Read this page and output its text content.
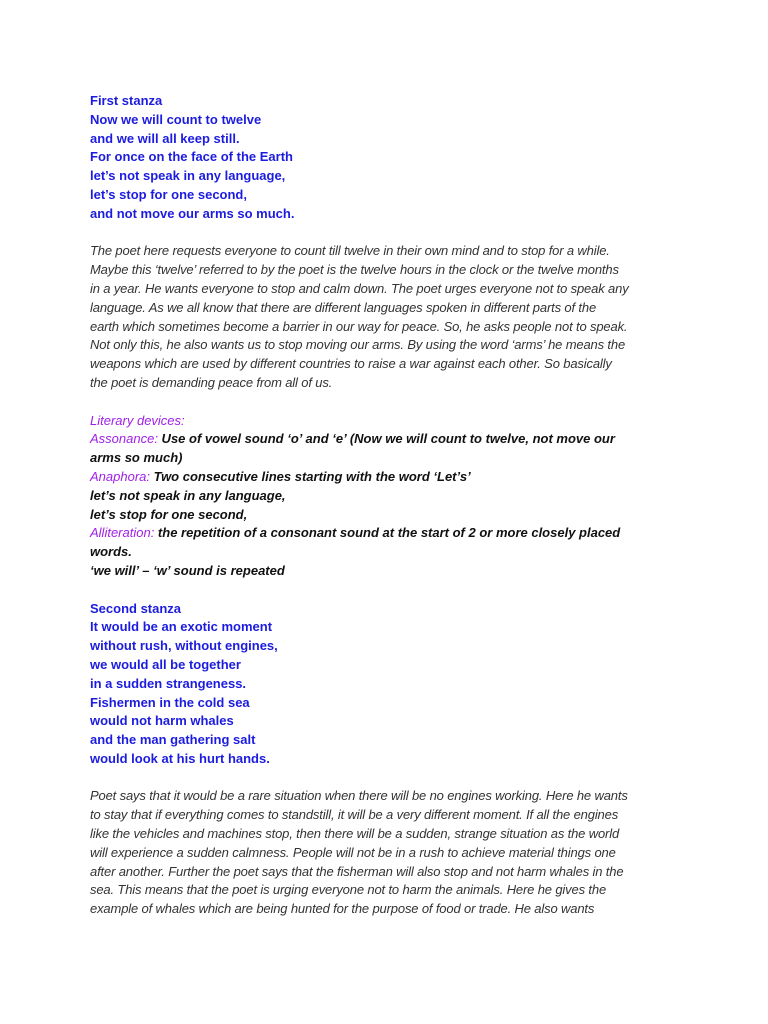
First stanza
Now we will count to twelve
and we will all keep still.
For once on the face of the Earth
let’s not speak in any language,
let’s stop for one second,
and not move our arms so much.
The poet here requests everyone to count till twelve in their own mind and to stop for a while.
Maybe this ‘twelve’ referred to by the poet is the twelve hours in the clock or the twelve months
in a year. He wants everyone to stop and calm down. The poet urges everyone not to speak any
language. As we all know that there are different languages spoken in different parts of the
earth which sometimes become a barrier in our way for peace. So, he asks people not to speak.
Not only this, he also wants us to stop moving our arms. By using the word ‘arms’ he means the
weapons which are used by different countries to raise a war against each other. So basically
the poet is demanding peace from all of us.
Literary devices:
Assonance: Use of vowel sound ‘o’ and ‘e’ (Now we will count to twelve, not move our
arms so much)
Anaphora: Two consecutive lines starting with the word ‘Let’s’
let’s not speak in any language,
let’s stop for one second,
Alliteration: the repetition of a consonant sound at the start of 2 or more closely placed
words.
‘we will’ – ‘w’ sound is repeated
Second stanza
It would be an exotic moment
without rush, without engines,
we would all be together
in a sudden strangeness.
Fishermen in the cold sea
would not harm whales
and the man gathering salt
would look at his hurt hands.
Poet says that it would be a rare situation when there will be no engines working. Here he wants
to stay that if everything comes to standstill, it will be a very different moment. If all the engines
like the vehicles and machines stop, then there will be a sudden, strange situation as the world
will experience a sudden calmness. People will not be in a rush to achieve material things one
after another. Further the poet says that the fisherman will also stop and not harm whales in the
sea. This means that the poet is urging everyone not to harm the animals. Here he gives the
example of whales which are being hunted for the purpose of food or trade. He also wants
